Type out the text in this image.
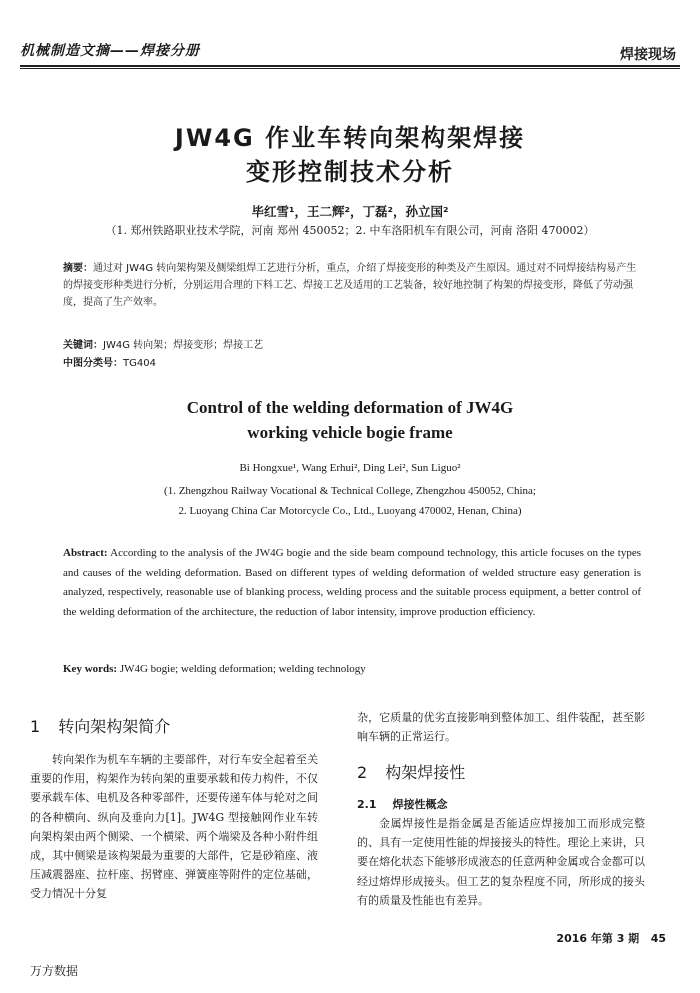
机械制造文摘——焊接分册	焊接现场
JW4G 作业车转向架构架焊接
变形控制技术分析
毕红雪¹，王二辉²，丁磊²，孙立国²
（1. 郑州铁路职业技术学院，河南 郑州 450052；2. 中车洛阳机车有限公司，河南 洛阳 470002）
摘要：通过对 JW4G 转向架构架及侧梁组焊工艺进行分析，重点，介绍了焊接变形的种类及产生原因。通过对不同焊接结构易产生的焊接变形种类进行分析，分别运用合理的下料工艺、焊接工艺及适用的工艺装备，较好地控制了构架的焊接变形，降低了劳动强度，提高了生产效率。
关键词：JW4G 转向架；焊接变形；焊接工艺
中图分类号：TG404
Control of the welding deformation of JW4G
working vehicle bogie frame
Bi Hongxue¹, Wang Erhui², Ding Lei², Sun Liguo²
(1. Zhengzhou Railway Vocational & Technical College, Zhengzhou 450052, China;
2. Luoyang China Car Motorcycle Co., Ltd., Luoyang 470002, Henan, China)
Abstract: According to the analysis of the JW4G bogie and the side beam compound technology, this article focuses on the types and causes of the welding deformation. Based on different types of welding deformation of welded structure easy generation is analyzed, respectively, reasonable use of blanking process, welding process and the suitable process equipment, a better control of the welding deformation of the architecture, the reduction of labor intensity, improve production efficiency.
Key words: JW4G bogie; welding deformation; welding technology
1 转向架构架简介

转向架作为机车车辆的主要部件，对行车安全起着至关重要的作用，构架作为转向架的重要承载和传力构件，不仅要承载车体、电机及各种零部件，还要传递车体与轮对之间的各种横向、纵向及垂向力[1]。JW4G 型接触网作业车转向架构架由两个侧梁、一个横梁、两个端梁及各种小附件组成，其中侧梁是该构架最为重要的大部件，它是砂箱座、液压减震器座、拉杆座、拐臂座、弹簧座等附件的定位基础，受力情况十分复

杂，它质量的优劣直接影响到整体加工、组件装配，甚至影响车辆的正常运行。

2 构架焊接性
2.1 焊接性概念

金属焊接性是指金属是否能适应焊接加工而形成完整的、具有一定使用性能的焊接接头的特性。理论上来讲，只要在熔化状态下能够形成液态的任意两种金属或合金都可以经过熔焊形成接头。但工艺的复杂程度不同，所形成的接头有的质量及性能也有差异。

2016 年第 3 期 45
万方数据
